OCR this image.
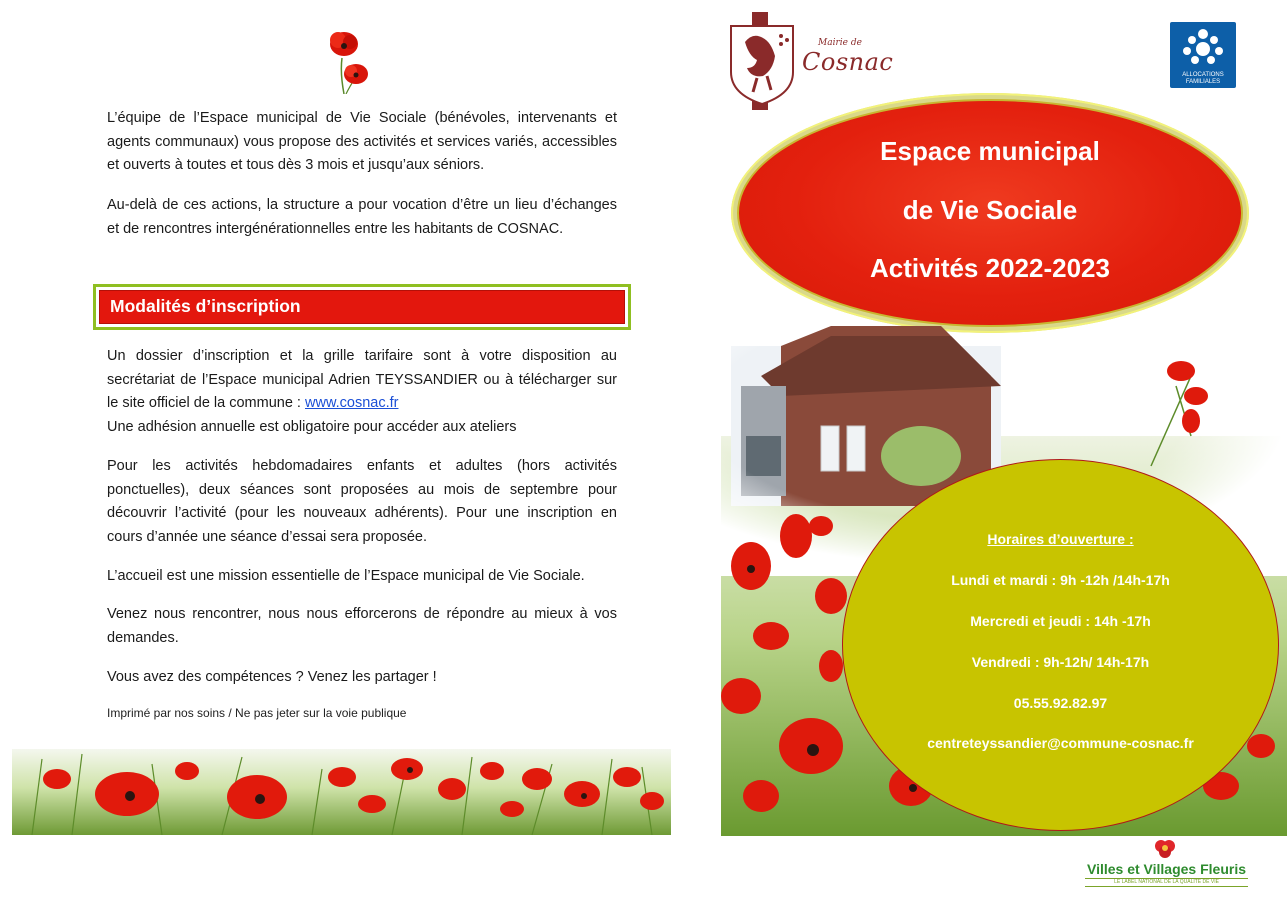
L’équipe de l’Espace municipal de Vie Sociale (bénévoles, intervenants et agents communaux) vous propose des activités et services variés, accessibles et ouverts à toutes et tous dès 3 mois et jusqu’aux séniors.

Au-delà de ces actions, la structure a pour vocation d’être un lieu d’échanges et de rencontres intergénérationnelles entre les habitants de COSNAC.

Modalités d’inscription

Un dossier d’inscription et la grille tarifaire sont à votre disposition au secrétariat de l’Espace municipal Adrien TEYSSANDIER ou à télécharger sur le site officiel de la commune : www.cosnac.fr
Une adhésion annuelle est obligatoire pour accéder aux ateliers

Pour les activités hebdomadaires enfants et adultes (hors activités ponctuelles), deux séances sont proposées au mois de septembre pour découvrir l’activité (pour les nouveaux adhérents). Pour une inscription en cours d’année une séance d’essai sera proposée.

L’accueil est une mission essentielle de l’Espace municipal de Vie Sociale.

Venez nous rencontrer, nous nous efforcerons de répondre au mieux à vos demandes.

Vous avez des compétences ? Venez les partager !

Imprimé par nos soins / Ne pas jeter sur la voie publique
Mairie de
Cosnac	ALLOCATIONS FAMILIALES
Espace municipal
de Vie Sociale
Activités 2022-2023
Horaires d’ouverture :
Lundi et mardi : 9h -12h /14h-17h
Mercredi et jeudi : 14h -17h
Vendredi : 9h-12h/ 14h-17h
05.55.92.82.97
centreteyssandier@commune-cosnac.fr
Villes et Villages Fleuris
LE LABEL NATIONAL DE LA QUALITÉ DE VIE
